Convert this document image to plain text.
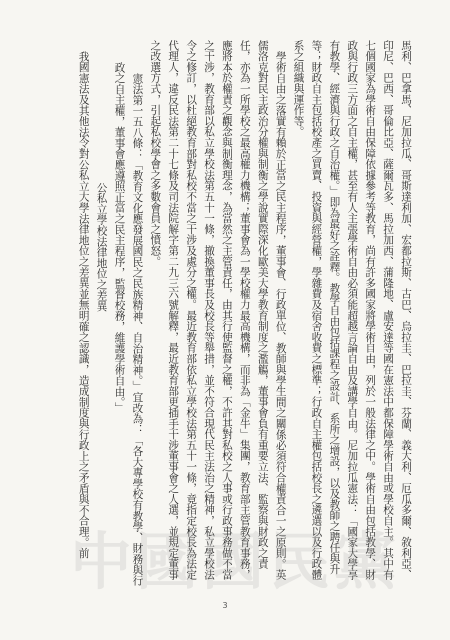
馬利、巴拿馬、尼加拉瓜、哥斯達利加、宏都拉斯、古巴、烏拉圭、巴拉圭、芬蘭、義大利、厄瓜多爾、敘利亞、印尼、巴西、哥倫比亞、薩爾瓦多、馬拉加西、蒲隆地、盧安達等國在憲法中都保障學術自由或學校自主。其中有七個國家為學術自由保障依據參考等教育，尚有許多國家將學術自由，列於一般法律之中。學術自由包括教學、財政與行政三方面之自主權，甚至有人主張學術自由必須能超越言論自由及講學自由。尼加拉瓜憲法：「國家大學享有教學、經濟與行政之自治權。」即為最好之詮釋。教學自由包括課程之設計、系所之增設，以及教師之聘任與升等；財政自主包括校產之買賣、投資與經營權，學雜費及宿舍收費之標準；行政自主權包括校長之遴選以及行政體系之組織與運作等。

學術自由之落實有賴於正當之民主程序，董事會、行政單位、教師與學生間之關係必須符合權責合一之原則。英儒洛克對民主政治分權與制衡之學說實際深化歐美大學教育制度之濫觴，董事會負有重要立法、監察與財政之責任，亦為一所學校之最高權力機構；董事會為一學校權力最高機構，而非為「金牛」集團，教育部主管教育事務，應將本於權責之觀念與制衡理念，為當然之主管責任，由其行使監督之權，不許其對私校之人事或行政事務做不當之干涉，教育部以私立學校法第五十一條，撤換董事長及校長等舉措，並不符合現代民主法治之精神，私立學校法令之修訂，以杜絕教育部對私校不當之干涉及處分之權。最近教育部依私立學校法第五十一條，竟指定校長為法定代理人，違反民法第二十七條及司法院解字第二九三六號解釋，最近教育部更插手干涉董事會之人選，並規定董事之改選方式，引起私校學會之多數會員之憤怒。

憲法第一五八條：「教育文化應發展國民之民族精神、自治精神。」宜改為：「各大專學校有教學、財務與行政之自主權，董事會應遵照正當之民主程序，監督校務，維護學術自由。」

　　　　　　　　　　公私立學校法律地位之差異

我國憲法及其他法令對公私立大學法律地位之差異並無明確之認識，造成制度與行政上之矛盾與不合理。前

中國國民黨
3
